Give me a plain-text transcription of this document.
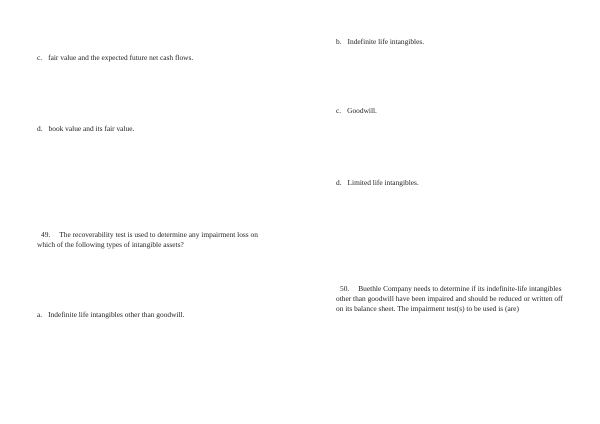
c. fair value and the expected future net cash flows.

d. book value and its fair value.

49. The recoverability test is used to determine any impairment loss on which of the following types of intangible assets?

a. Indefinite life intangibles other than goodwill.

b. Indefinite life intangibles.

c. Goodwill.

d. Limited life intangibles.

50. Buethle Company needs to determine if its indefinite-life intangibles other than goodwill have been impaired and should be reduced or written off on its balance sheet. The impairment test(s) to be used is (are)
